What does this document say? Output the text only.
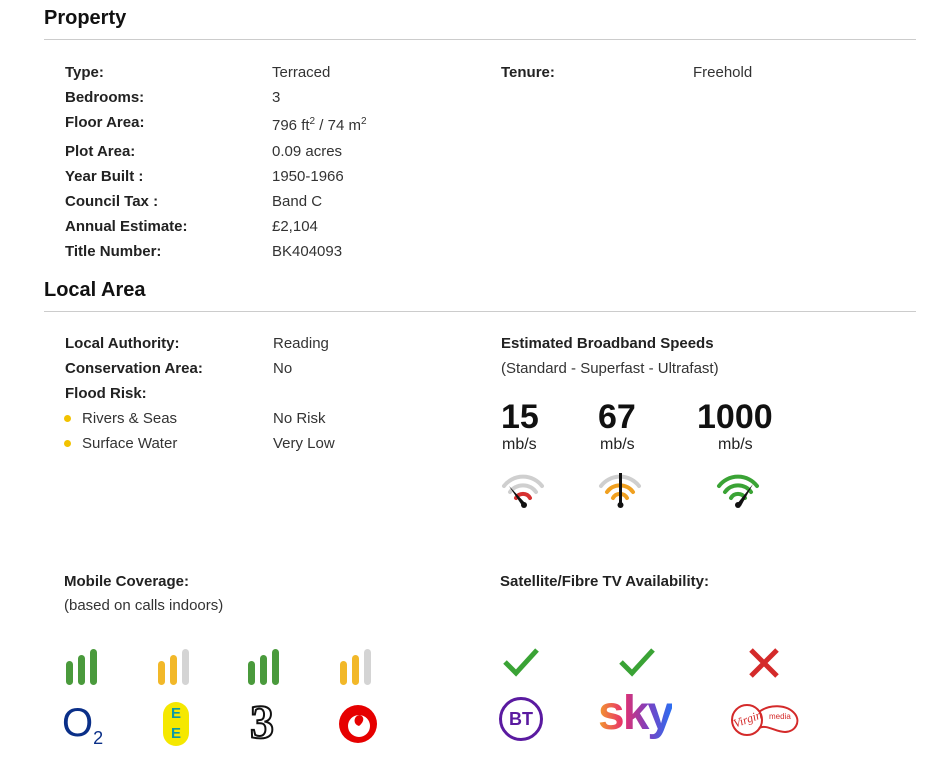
Property
Type:	Terraced
Bedrooms:	3
Floor Area:	796 $ft^2 / 74$ $m^2$
Plot Area:	0.09 acres
Year Built :	1950-1966
Council Tax :	Band C
Annual Estimate:	£2,104
Title Number:	BK404093
Tenure:	Freehold
Local Area
Local Authority:	Reading
Conservation Area:	No
Flood Risk:
Rivers & Seas	No Risk
Surface Water	Very Low
Estimated Broadband Speeds
(Standard - Superfast - Ultrafast)
15
mb/s
67
mb/s
1000
mb/s
Mobile Coverage:
(based on calls indoors)
O2
EE 3
Satellite/Fibre TV Availability:
BT sky	Virgin media
